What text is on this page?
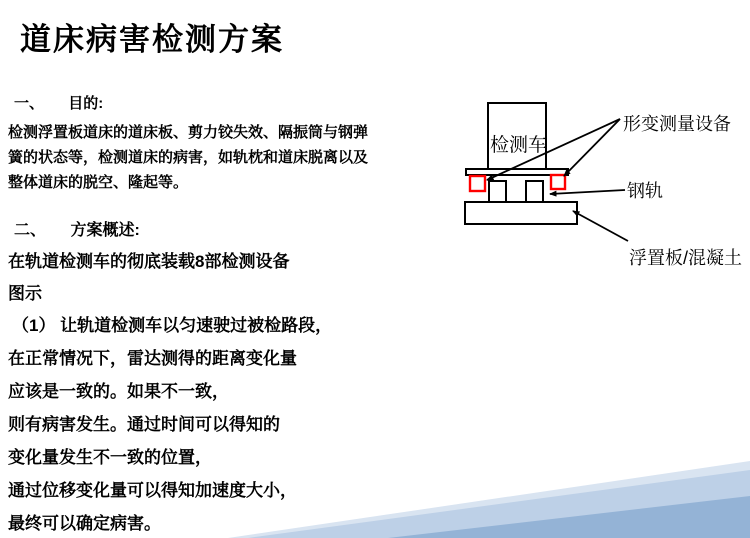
道床病害检测方案
一、 目的:
检测浮置板道床的道床板、剪力铰失效、隔振筒与钢弹
簧的状态等，检测道床的病害，如轨枕和道床脱离以及
整体道床的脱空、隆起等。
二、 方案概述:
在轨道检测车的彻底装载8部检测设备
图示
（1） 让轨道检测车以匀速驶过被检路段，
在正常情况下，雷达测得的距离变化量
应该是一致的。如果不一致，
则有病害发生。通过时间可以得知的
变化量发生不一致的位置，
通过位移变化量可以得知加速度大小，
最终可以确定病害。
检测车
形变测量设备
钢轨
浮置板/混凝土
